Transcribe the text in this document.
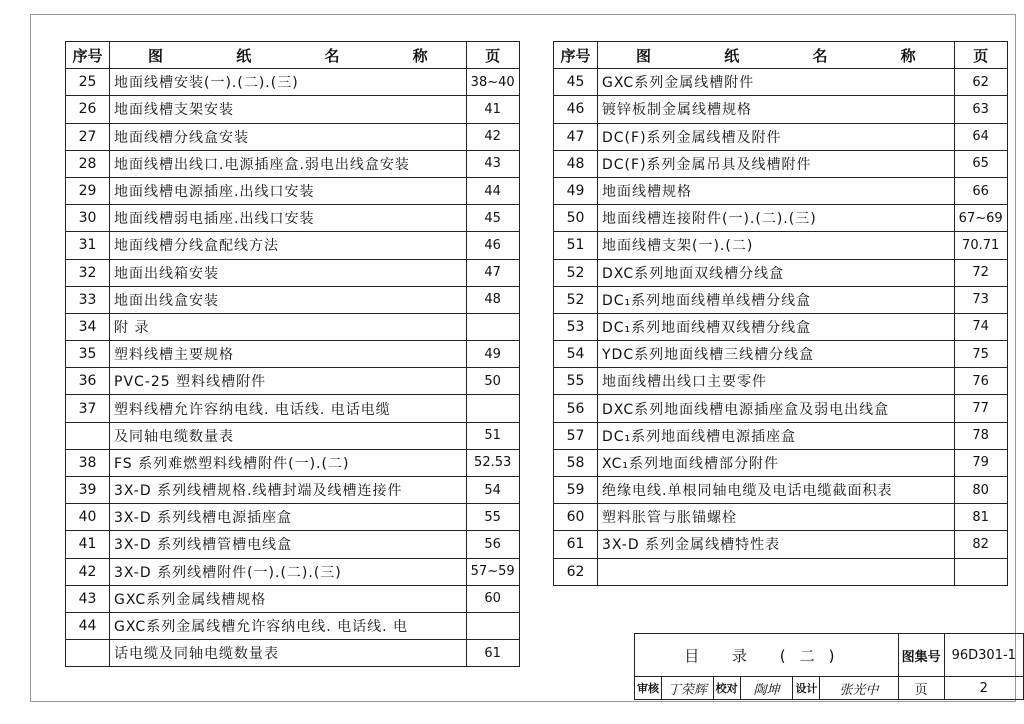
序号	图 纸 名 称	页
25	地面线槽安装(一).(二).(三)	38~40
26	地面线槽支架安装	41
27	地面线槽分线盒安装	42
28	地面线槽出线口.电源插座盒.弱电出线盒安装	43
29	地面线槽电源插座.出线口安装	44
30	地面线槽弱电插座.出线口安装	45
31	地面线槽分线盒配线方法	46
32	地面出线箱安装	47
33	地面出线盒安装	48
34	附 录	
35	塑料线槽主要规格	49
36	PVC-25 塑料线槽附件	50
37	塑料线槽允许容纳电线. 电话线. 电话电缆	
	及同轴电缆数量表	51
38	FS 系列难燃塑料线槽附件(一).(二)	52.53
39	3X-D 系列线槽规格.线槽封端及线槽连接件	54
40	3X-D 系列线槽电源插座盒	55
41	3X-D 系列线槽管槽电线盒	56
42	3X-D 系列线槽附件(一).(二).(三)	57~59
43	GXC系列金属线槽规格	60
44	GXC系列金属线槽允许容纳电线. 电话线. 电	
	话电缆及同轴电缆数量表	61
序号	图 纸 名 称	页
45	GXC系列金属线槽附件	62
46	镀锌板制金属线槽规格	63
47	DC(F)系列金属线槽及附件	64
48	DC(F)系列金属吊具及线槽附件	65
49	地面线槽规格	66
50	地面线槽连接附件(一).(二).(三)	67~69
51	地面线槽支架(一).(二)	70.71
52	DXC系列地面双线槽分线盒	72
52	DC₁系列地面线槽单线槽分线盒	73
53	DC₁系列地面线槽双线槽分线盒	74
54	YDC系列地面线槽三线槽分线盒	75
55	地面线槽出线口主要零件	76
56	DXC系列地面线槽电源插座盒及弱电出线盒	77
57	DC₁系列地面线槽电源插座盒	78
58	XC₁系列地面线槽部分附件	79
59	绝缘电线.单根同轴电缆及电话电缆截面积表	80
60	塑料胀管与胀锚螺栓	81
61	3X-D 系列金属线槽特性表	82
62		
目 录 (二)						图集号	96D301-1
审核	丁荣辉	校对	陶坤	设计	张光中	页	2
